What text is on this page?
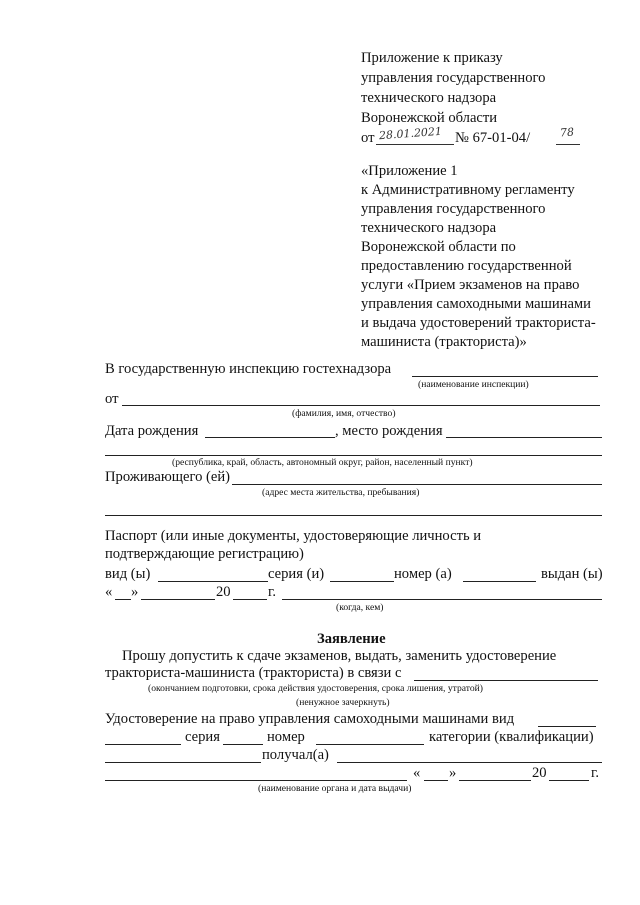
Приложение к приказу
управления государственного
технического надзора
Воронежской области
от 28.01.2021 № 67-01-04/	78
«Приложение 1
к Административному регламенту
управления государственного
технического надзора
Воронежской области по
предоставлению государственной
услуги «Прием экзаменов на право
управления самоходными машинами
и выдача удостоверений тракториста-
машиниста (тракториста)»
В государственную инспекцию гостехнадзора
(наименование инспекции)
от
(фамилия, имя, отчество)
Дата рождения	, место рождения
(республика, край, область, автономный округ, район, населенный пункт)
Проживающего (ей)
(адрес места жительства, пребывания)
Паспорт (или иные документы, удостоверяющие личность и
подтверждающие регистрацию)
вид (ы)	серия (и)	номер (а)	выдан (ы)
« »	20	г.
(когда, кем)
Заявление
Прошу допустить к сдаче экзаменов, выдать, заменить удостоверение
тракториста-машиниста (тракториста) в связи с
(окончанием подготовки, срока действия удостоверения, срока лишения, утратой)
(ненужное зачеркнуть)
Удостоверение на право управления самоходными машинами вид
серия	номер	категории (квалификации)
получал(а)
« »	20	г.
(наименование органа и дата выдачи)
